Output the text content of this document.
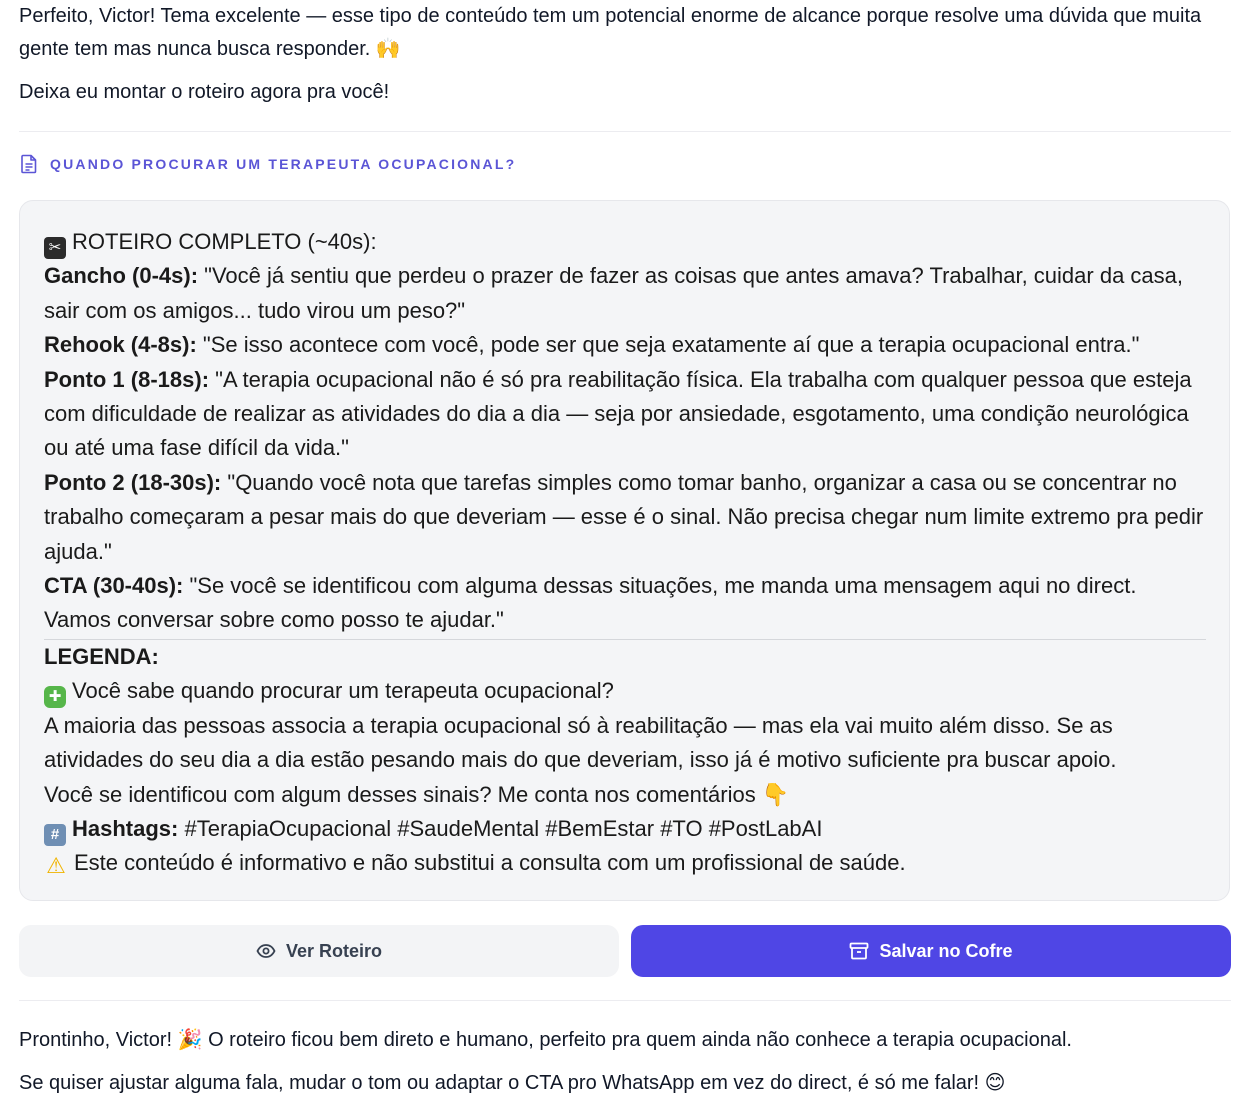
Perfeito, Victor! Tema excelente — esse tipo de conteúdo tem um potencial enorme de alcance porque resolve uma dúvida que muita gente tem mas nunca busca responder. 🙌

Deixa eu montar o roteiro agora pra você!

QUANDO PROCURAR UM TERAPEUTA OCUPACIONAL?

✂ ROTEIRO COMPLETO (~40s):

Gancho (0-4s): "Você já sentiu que perdeu o prazer de fazer as coisas que antes amava? Trabalhar, cuidar da casa, sair com os amigos... tudo virou um peso?"

Rehook (4-8s): "Se isso acontece com você, pode ser que seja exatamente aí que a terapia ocupacional entra."

Ponto 1 (8-18s): "A terapia ocupacional não é só pra reabilitação física. Ela trabalha com qualquer pessoa que esteja com dificuldade de realizar as atividades do dia a dia — seja por ansiedade, esgotamento, uma condição neurológica ou até uma fase difícil da vida."

Ponto 2 (18-30s): "Quando você nota que tarefas simples como tomar banho, organizar a casa ou se concentrar no trabalho começaram a pesar mais do que deveriam — esse é o sinal. Não precisa chegar num limite extremo pra pedir ajuda."

CTA (30-40s): "Se você se identificou com alguma dessas situações, me manda uma mensagem aqui no direct. Vamos conversar sobre como posso te ajudar."

LEGENDA:

✚ Você sabe quando procurar um terapeuta ocupacional?

A maioria das pessoas associa a terapia ocupacional só à reabilitação — mas ela vai muito além disso. Se as atividades do seu dia a dia estão pesando mais do que deveriam, isso já é motivo suficiente pra buscar apoio.

Você se identificou com algum desses sinais? Me conta nos comentários 👇

# Hashtags: #TerapiaOcupacional #SaudeMental #BemEstar #TO #PostLabAI

⚠ Este conteúdo é informativo e não substitui a consulta com um profissional de saúde.

Ver Roteiro	Salvar no Cofre

Prontinho, Victor! 🎉 O roteiro ficou bem direto e humano, perfeito pra quem ainda não conhece a terapia ocupacional.

Se quiser ajustar alguma fala, mudar o tom ou adaptar o CTA pro WhatsApp em vez do direct, é só me falar! 😊
